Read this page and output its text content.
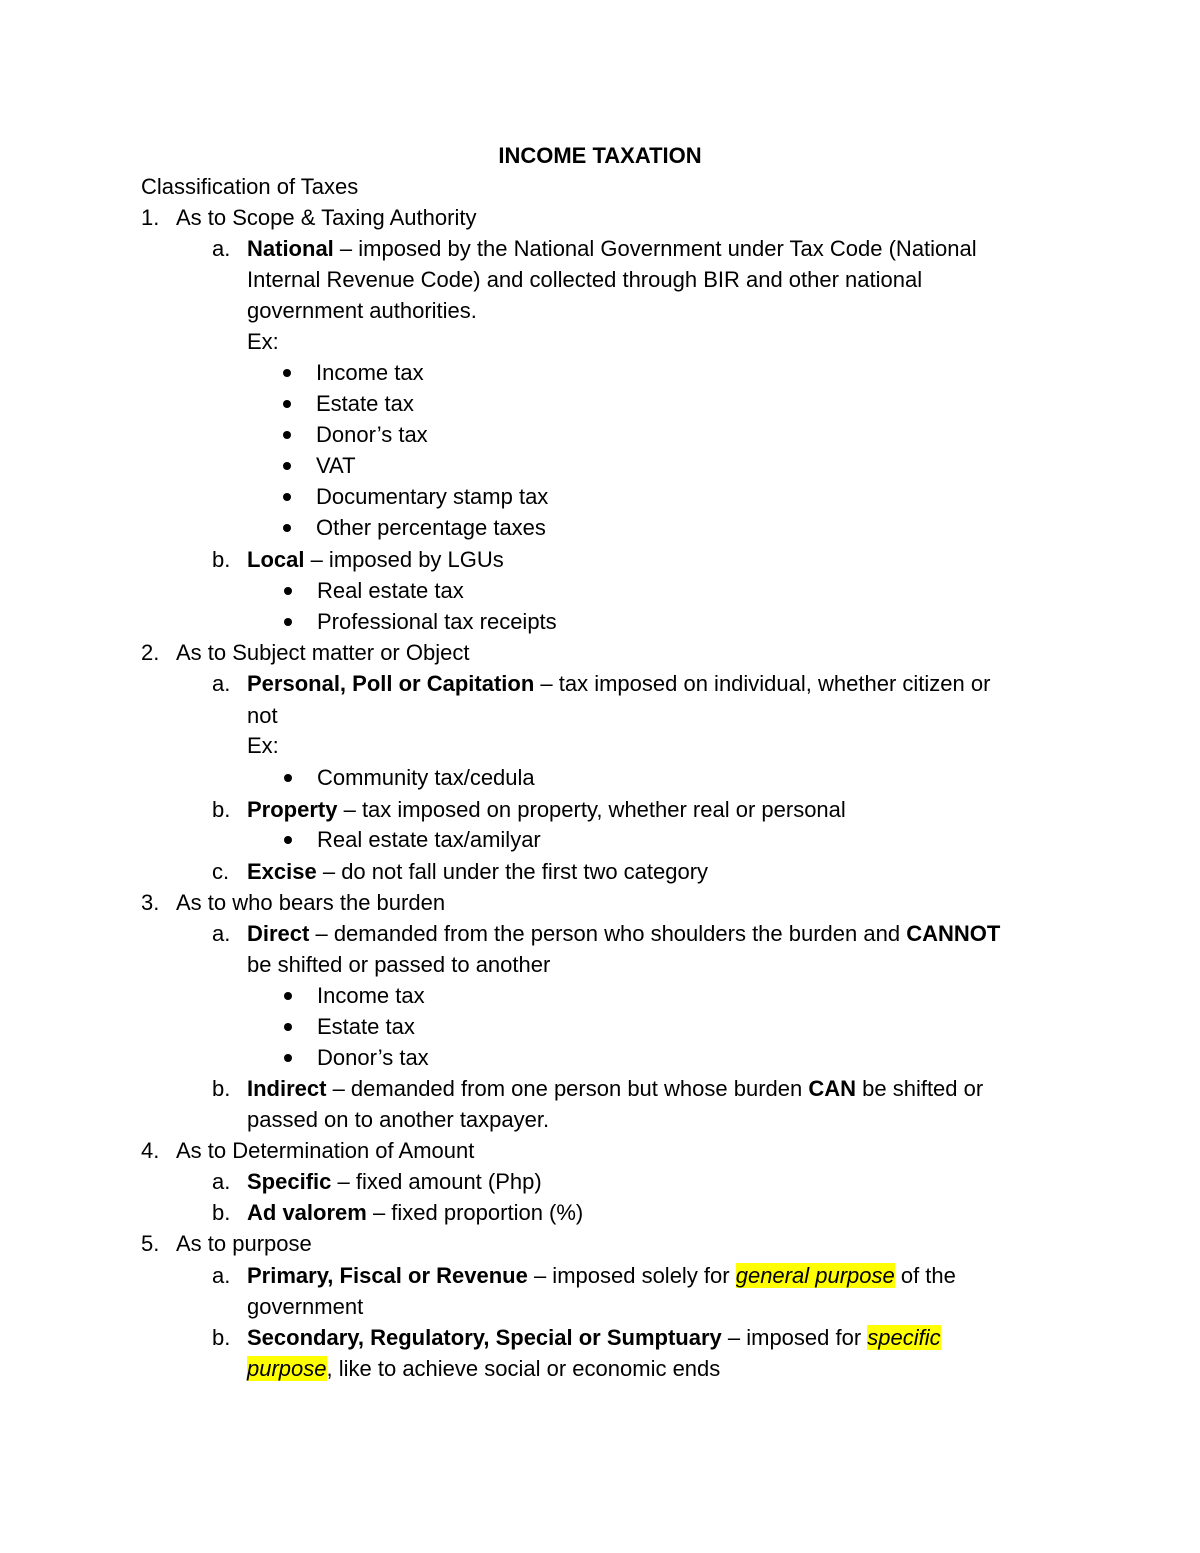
INCOME TAXATION
Classification of Taxes
1. As to Scope & Taxing Authority
a. National – imposed by the National Government under Tax Code (National
Internal Revenue Code) and collected through BIR and other national
government authorities.
Ex:
Income tax
Estate tax
Donor’s tax
VAT
Documentary stamp tax
Other percentage taxes
b. Local – imposed by LGUs
Real estate tax
Professional tax receipts
2. As to Subject matter or Object
a. Personal, Poll or Capitation – tax imposed on individual, whether citizen or
not
Ex:
Community tax/cedula
b. Property – tax imposed on property, whether real or personal
Real estate tax/amilyar
c. Excise – do not fall under the first two category
3. As to who bears the burden
a. Direct – demanded from the person who shoulders the burden and CANNOT
be shifted or passed to another
Income tax
Estate tax
Donor’s tax
b. Indirect – demanded from one person but whose burden CAN be shifted or
passed on to another taxpayer.
4. As to Determination of Amount
a. Specific – fixed amount (Php)
b. Ad valorem – fixed proportion (%)
5. As to purpose
a. Primary, Fiscal or Revenue – imposed solely for general purpose of the
government
b. Secondary, Regulatory, Special or Sumptuary – imposed for specific
purpose, like to achieve social or economic ends
